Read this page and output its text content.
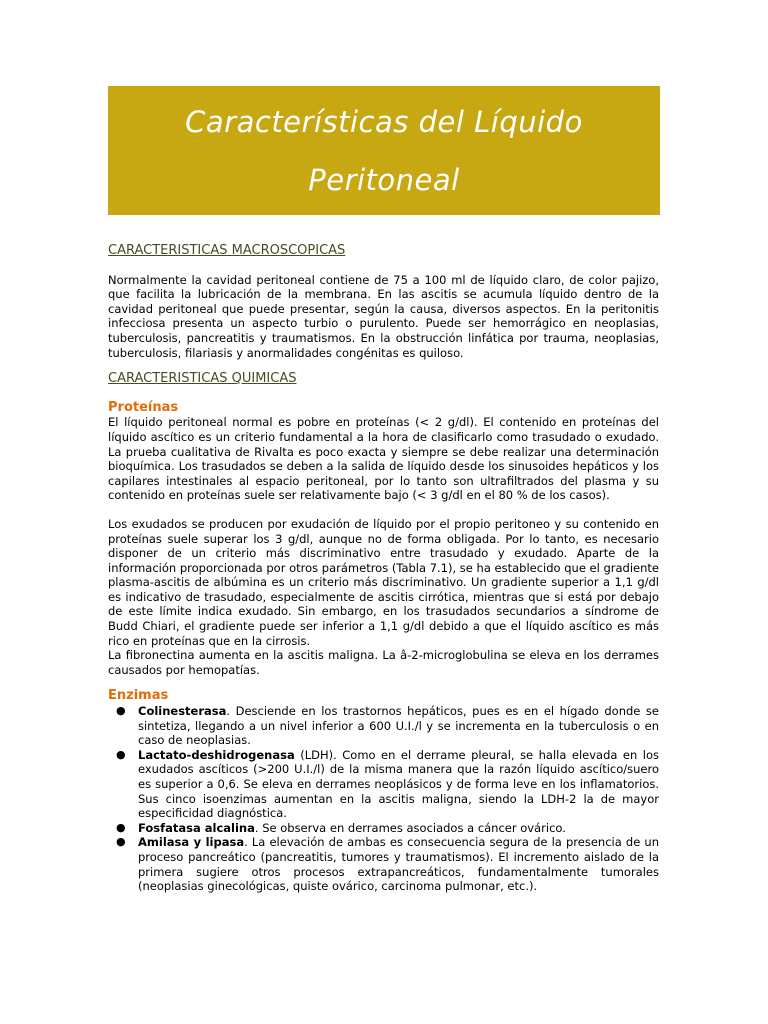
Características del Líquido
Peritoneal
CARACTERISTICAS MACROSCOPICAS

Normalmente la cavidad peritoneal contiene de 75 a 100 ml de líquido claro, de color pajizo, que facilita la lubricación de la membrana. En las ascitis se acumula líquido dentro de la cavidad peritoneal que puede presentar, según la causa, diversos aspectos. En la peritonitis infecciosa presenta un aspecto turbio o purulento. Puede ser hemorrágico en neoplasias, tuberculosis, pancreatitis y traumatismos. En la obstrucción linfática por trauma, neoplasias, tuberculosis, filariasis y anormalidades congénitas es quiloso.

CARACTERISTICAS QUIMICAS
Proteínas

El líquido peritoneal normal es pobre en proteínas (< 2 g/dl). El contenido en proteínas del líquido ascítico es un criterio fundamental a la hora de clasificarlo como trasudado o exudado. La prueba cualitativa de Rivalta es poco exacta y siempre se debe realizar una determinación bioquímica. Los trasudados se deben a la salida de líquido desde los sinusoides hepáticos y los capilares intestinales al espacio peritoneal, por lo tanto son ultrafiltrados del plasma y su contenido en proteínas suele ser relativamente bajo (< 3 g/dl en el 80 % de los casos).

Los exudados se producen por exudación de líquido por el propio peritoneo y su contenido en proteínas suele superar los 3 g/dl, aunque no de forma obligada. Por lo tanto, es necesario disponer de un criterio más discriminativo entre trasudado y exudado. Aparte de la información proporcionada por otros parámetros (Tabla 7.1), se ha establecido que el gradiente plasma-ascitis de albúmina es un criterio más discriminativo. Un gradiente superior a 1,1 g/dl es indicativo de trasudado, especialmente de ascitis cirrótica, mientras que si está por debajo de este límite indica exudado. Sin embargo, en los trasudados secundarios a síndrome de Budd Chiari, el gradiente puede ser inferior a 1,1 g/dl debido a que el líquido ascítico es más rico en proteínas que en la cirrosis.

La fibronectina aumenta en la ascitis maligna. La â-2-microglobulina se eleva en los derrames causados por hemopatías.

Enzimas
● Colinesterasa. Desciende en los trastornos hepáticos, pues es en el hígado donde se sintetiza, llegando a un nivel inferior a 600 U.I./l y se incrementa en la tuberculosis o en caso de neoplasias.
● Lactato-deshidrogenasa (LDH). Como en el derrame pleural, se halla elevada en los exudados ascíticos (>200 U.I./l) de la misma manera que la razón líquido ascítico/suero es superior a 0,6. Se eleva en derrames neoplásicos y de forma leve en los inflamatorios. Sus cinco isoenzimas aumentan en la ascitis maligna, siendo la LDH-2 la de mayor especificidad diagnóstica.
● Fosfatasa alcalina. Se observa en derrames asociados a cáncer ovárico.
● Amilasa y lipasa. La elevación de ambas es consecuencia segura de la presencia de un proceso pancreático (pancreatitis, tumores y traumatismos). El incremento aislado de la primera sugiere otros procesos extrapancreáticos, fundamentalmente tumorales (neoplasias ginecológicas, quiste ovárico, carcinoma pulmonar, etc.).
